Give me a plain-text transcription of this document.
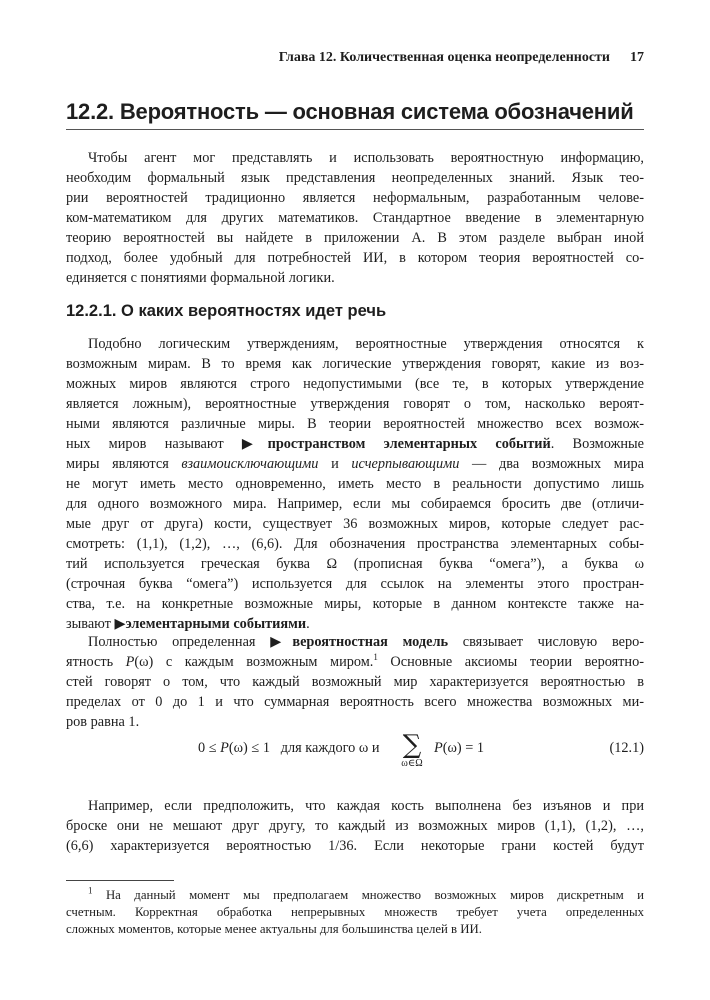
Глава 12. Количественная оценка неопределенности 17
12.2. Вероятность — основная система обозначений
Чтобы агент мог представлять и использовать вероятностную информацию,
необходим формальный язык представления неопределенных знаний. Язык тео-
рии вероятностей традиционно является неформальным, разработанным челове-
ком-математиком для других математиков. Стандартное введение в элементарную
теорию вероятностей вы найдете в приложении А. В этом разделе выбран иной
подход, более удобный для потребностей ИИ, в котором теория вероятностей со-
единяется с понятиями формальной логики.
12.2.1. О каких вероятностях идет речь
Подобно логическим утверждениям, вероятностные утверждения относятся к
возможным мирам. В то время как логические утверждения говорят, какие из воз-
можных миров являются строго недопустимыми (все те, в которых утверждение
является ложным), вероятностные утверждения говорят о том, насколько вероят-
ными являются различные миры. В теории вероятностей множество всех возмож-
ных миров называют ▶пространством элементарных событий. Возможные
миры являются взаимоисключающими и исчерпывающими — два возможных мира
не могут иметь место одновременно, иметь место в реальности допустимо лишь
для одного возможного мира. Например, если мы собираемся бросить две (отличи-
мые друг от друга) кости, существует 36 возможных миров, которые следует рас-
смотреть: (1,1), (1,2), …, (6,6). Для обозначения пространства элементарных собы-
тий используется греческая буква Ω (прописная буква “омега”), а буква ω
(строчная буква “омега”) используется для ссылок на элементы этого простран-
ства, т.е. на конкретные возможные миры, которые в данном контексте также на-
зывают ▶элементарными событиями.
Полностью определенная ▶вероятностная модель связывает числовую веро-
ятность P(ω) с каждым возможным миром.$^1$ Основные аксиомы теории вероятно-
стей говорят о том, что каждый возможный мир характеризуется вероятностью в
пределах от 0 до 1 и что суммарная вероятность всего множества возможных ми-
ров равна 1.
0 ≤ P(ω) ≤ 1 для каждого ω и ∑
ω∈Ω
P(ω) = 1	(12.1)
Например, если предположить, что каждая кость выполнена без изъянов и при
броске они не мешают друг другу, то каждый из возможных миров (1,1), (1,2), …,
(6,6) характеризуется вероятностью 1/36. Если некоторые грани костей будут
$^1$ На данный момент мы предполагаем множество возможных миров дискретным и
счетным. Корректная обработка непрерывных множеств требует учета определенных
сложных моментов, которые менее актуальны для большинства целей в ИИ.
